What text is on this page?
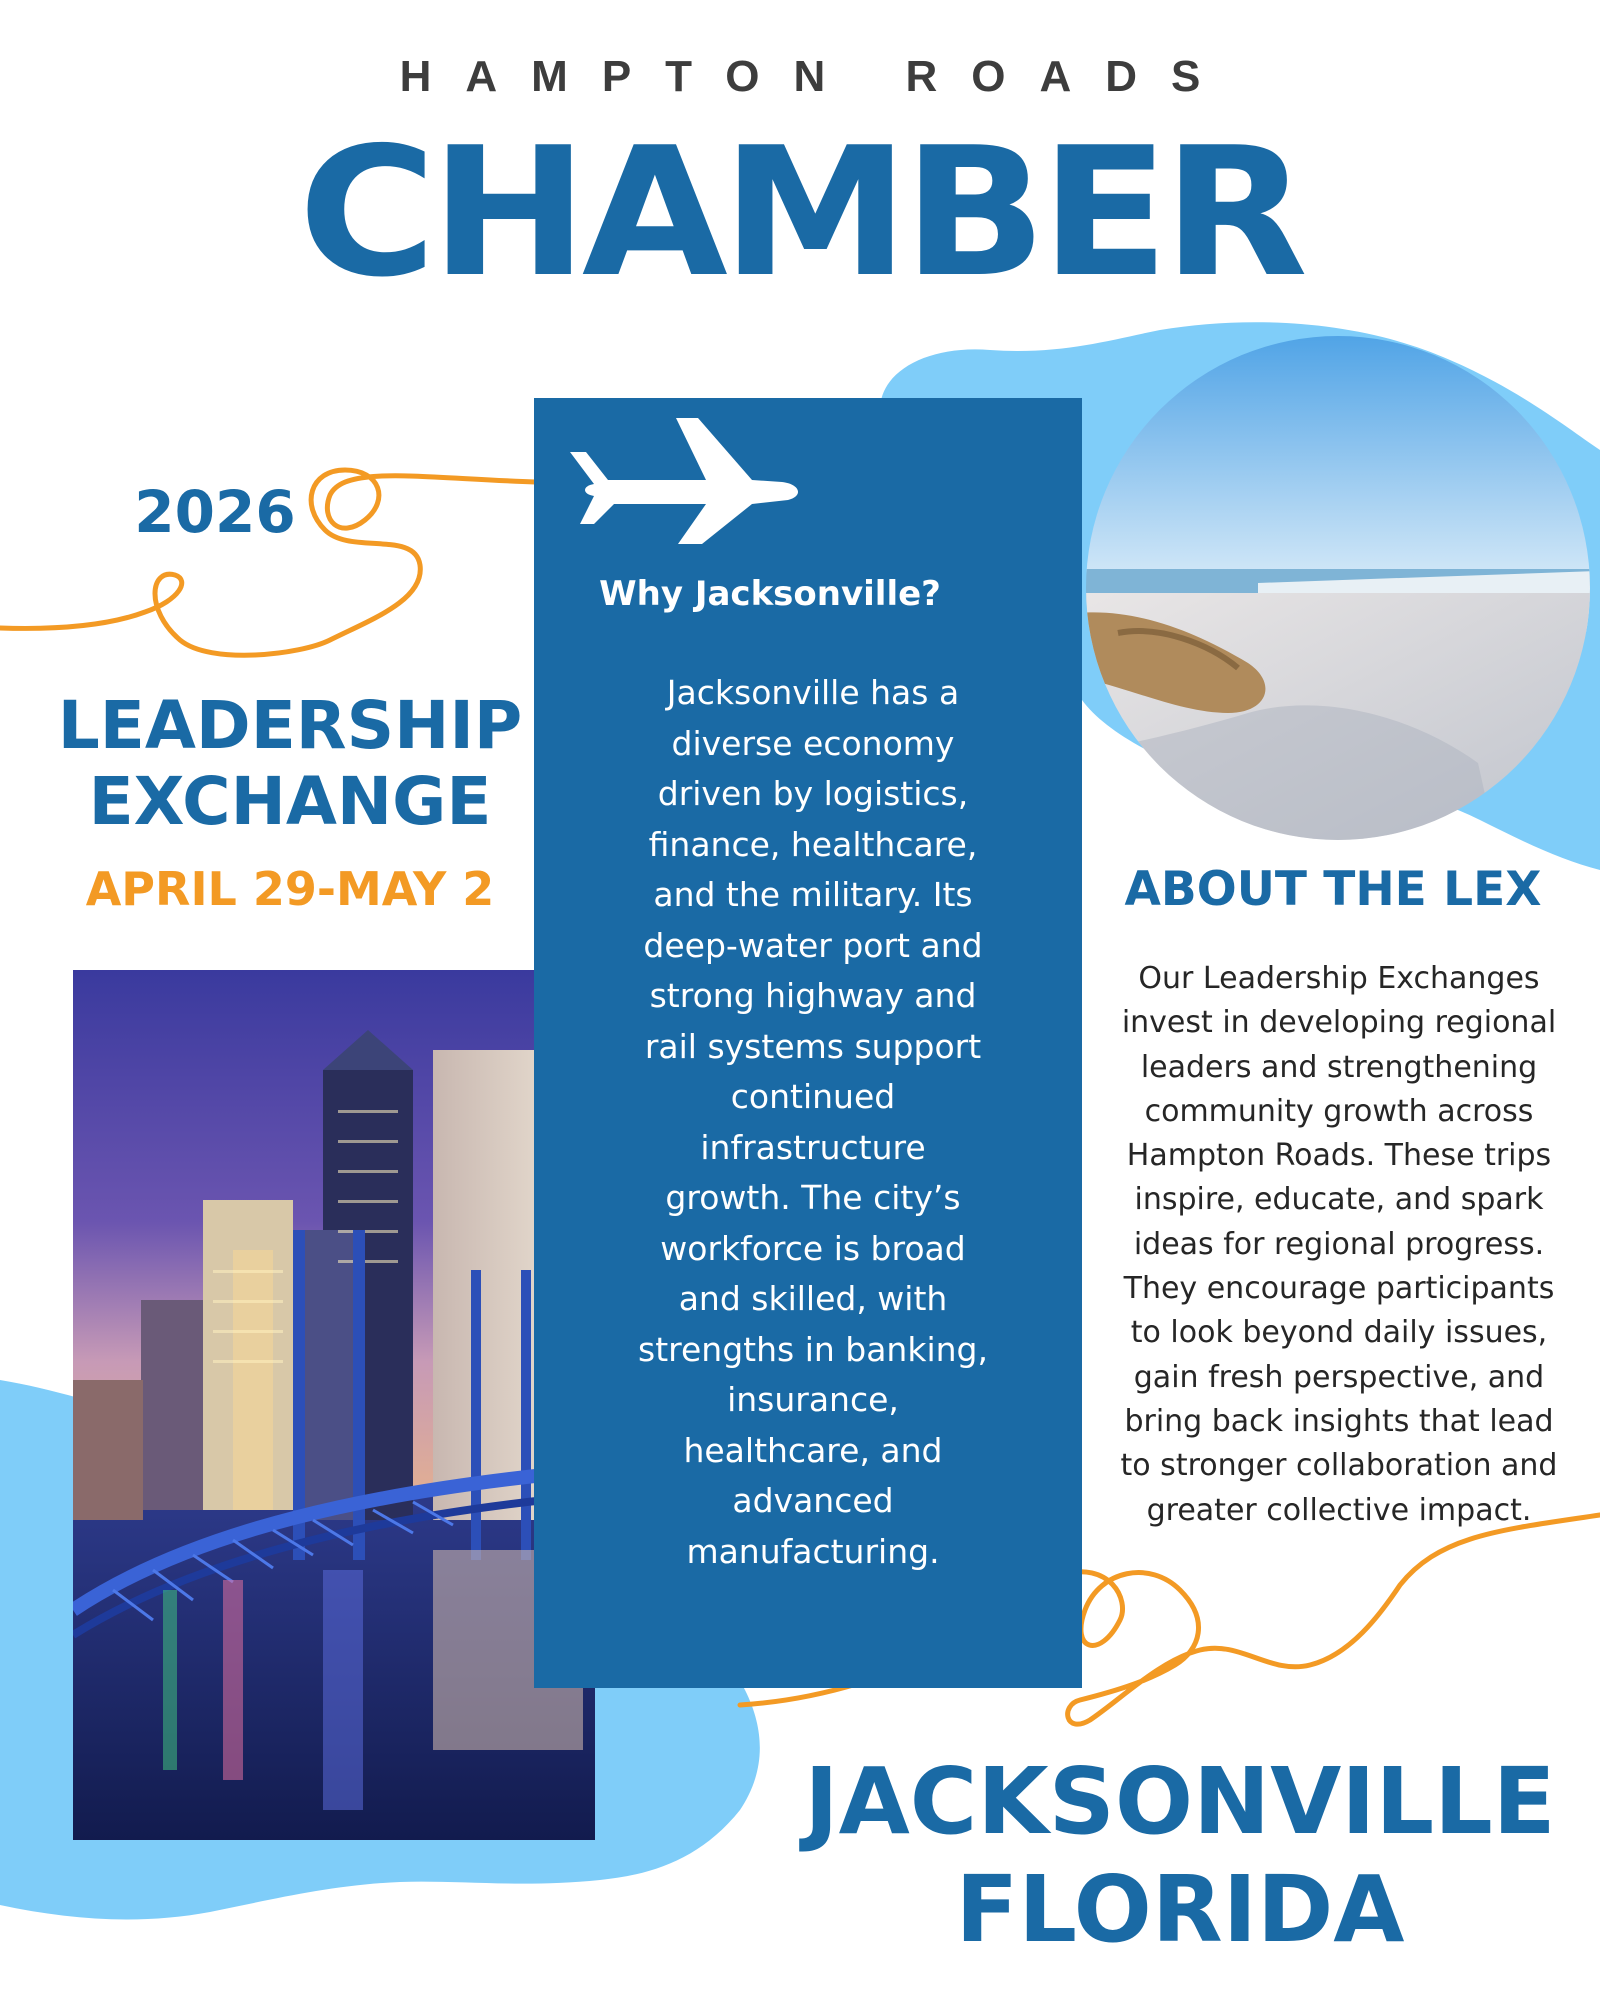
HAMPTON ROADS
CHAMBER
2026
LEADERSHIP
EXCHANGE
APRIL 29-MAY 2
Why Jacksonville?
Jacksonville has a
diverse economy
driven by logistics,
finance, healthcare,
and the military. Its
deep-water port and
strong highway and
rail systems support
continued
infrastructure
growth. The city’s
workforce is broad
and skilled, with
strengths in banking,
insurance,
healthcare, and
advanced
manufacturing.
ABOUT THE LEX
Our Leadership Exchanges
invest in developing regional
leaders and strengthening
community growth across
Hampton Roads. These trips
inspire, educate, and spark
ideas for regional progress.
They encourage participants
to look beyond daily issues,
gain fresh perspective, and
bring back insights that lead
to stronger collaboration and
greater collective impact.
JACKSONVILLE
FLORIDA
